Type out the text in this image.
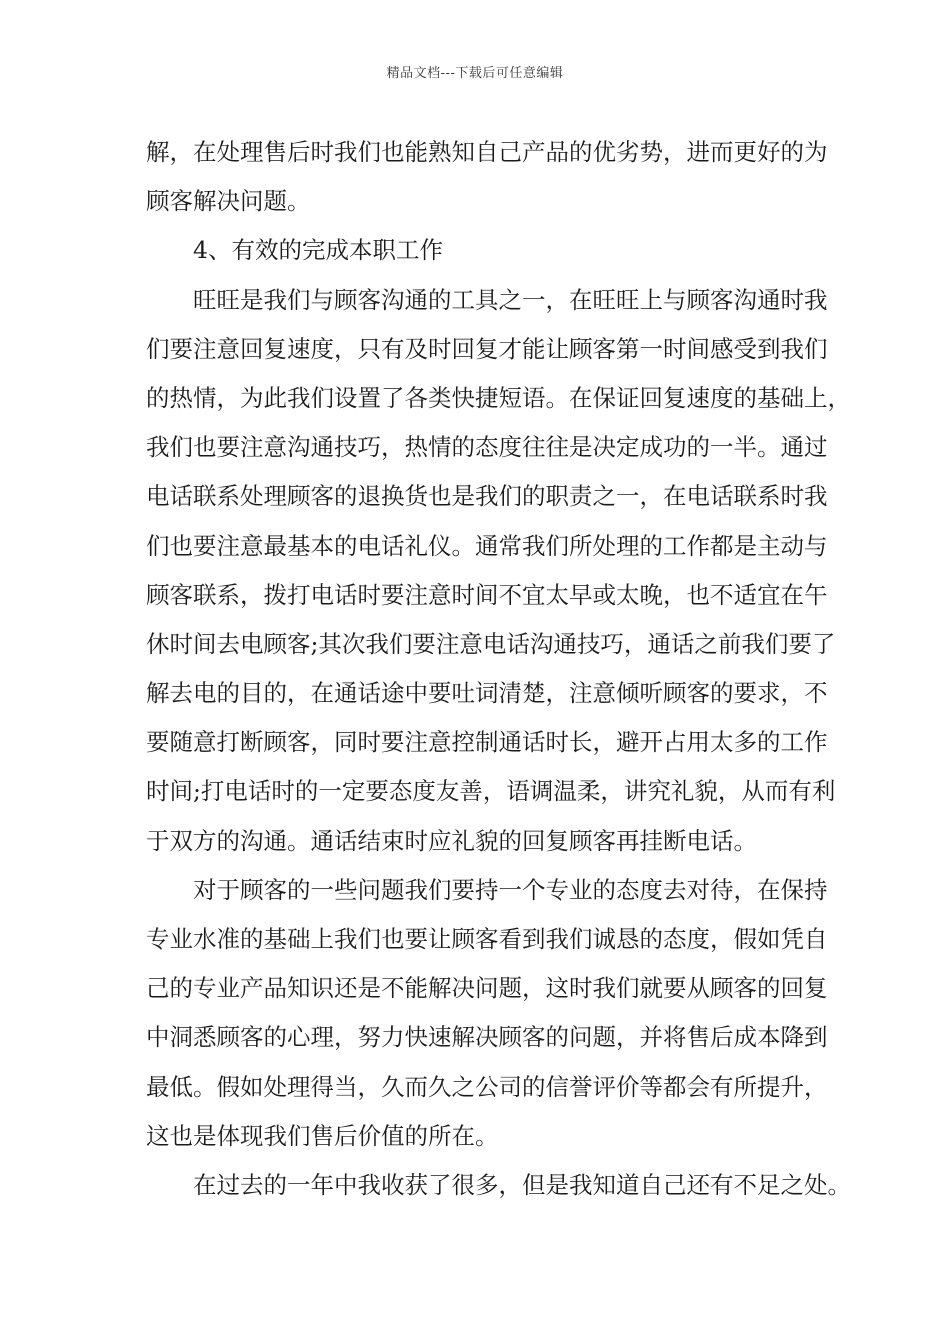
精品文档---下载后可任意编辑
解，在处理售后时我们也能熟知自己产品的优劣势，进而更好的为
顾客解决问题。
4、有效的完成本职工作
旺旺是我们与顾客沟通的工具之一，在旺旺上与顾客沟通时我
们要注意回复速度，只有及时回复才能让顾客第一时间感受到我们
的热情，为此我们设置了各类快捷短语。在保证回复速度的基础上，
我们也要注意沟通技巧，热情的态度往往是决定成功的一半。通过
电话联系处理顾客的退换货也是我们的职责之一，在电话联系时我
们也要注意最基本的电话礼仪。通常我们所处理的工作都是主动与
顾客联系，拨打电话时要注意时间不宜太早或太晚，也不适宜在午
休时间去电顾客;其次我们要注意电话沟通技巧，通话之前我们要了
解去电的目的，在通话途中要吐词清楚，注意倾听顾客的要求，不
要随意打断顾客，同时要注意控制通话时长，避开占用太多的工作
时间;打电话时的一定要态度友善，语调温柔，讲究礼貌，从而有利
于双方的沟通。通话结束时应礼貌的回复顾客再挂断电话。
对于顾客的一些问题我们要持一个专业的态度去对待，在保持
专业水准的基础上我们也要让顾客看到我们诚恳的态度，假如凭自
己的专业产品知识还是不能解决问题，这时我们就要从顾客的回复
中洞悉顾客的心理，努力快速解决顾客的问题，并将售后成本降到
最低。假如处理得当，久而久之公司的信誉评价等都会有所提升，
这也是体现我们售后价值的所在。
在过去的一年中我收获了很多，但是我知道自己还有不足之处。
